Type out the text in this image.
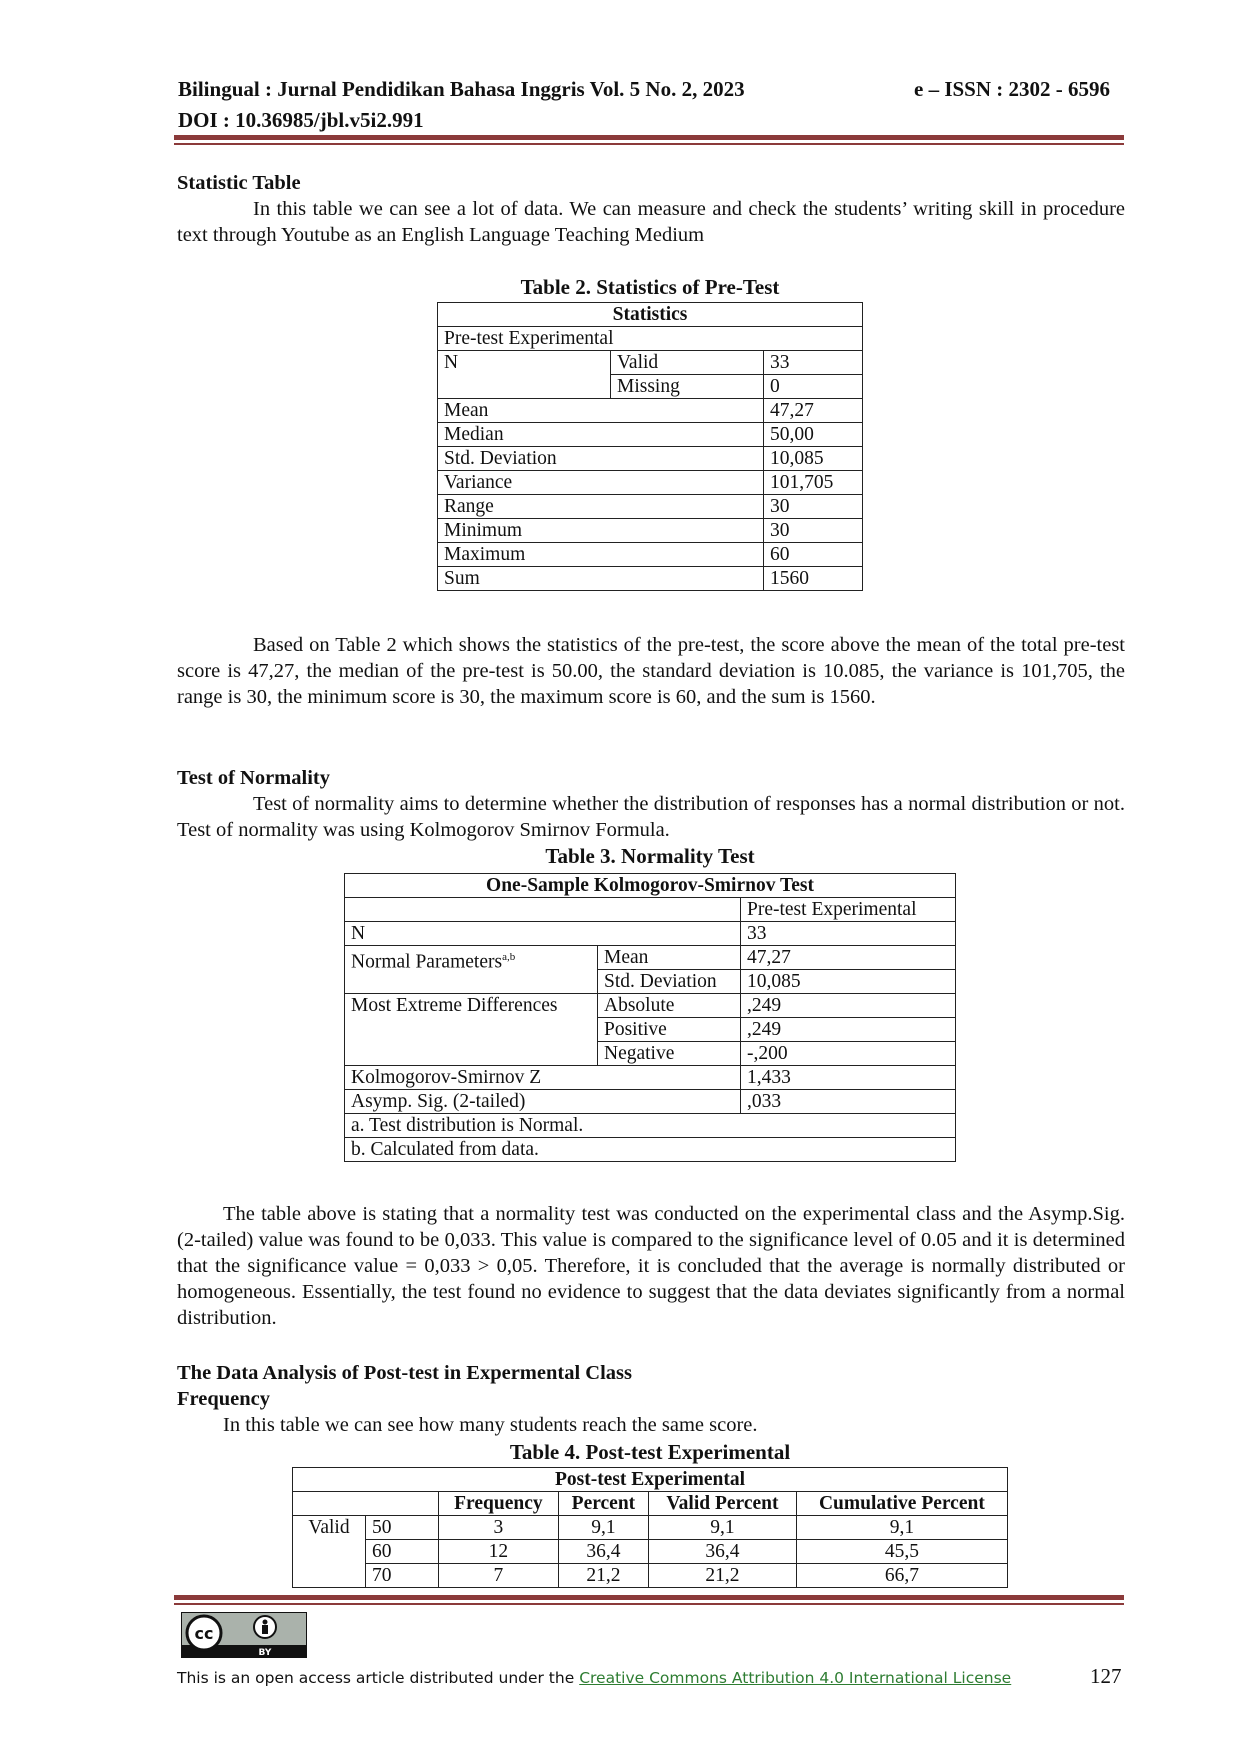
Bilingual : Jurnal Pendidikan Bahasa Inggris Vol. 5 No. 2, 2023	e – ISSN : 2302 - 6596
DOI : 10.36985/jbl.v5i2.991
Statistic Table
In this table we can see a lot of data. We can measure and check the students’ writing skill in procedure text through Youtube as an English Language Teaching Medium
Table 2. Statistics of Pre-Test
Statistics		
Pre-test Experimental		
N	Valid	33
	Missing	0
Mean		47,27
Median		50,00
Std. Deviation		10,085
Variance		101,705
Range		30
Minimum		30
Maximum		60
Sum		1560
Based on Table 2 which shows the statistics of the pre-test, the score above the mean of the total pre-test score is 47,27, the median of the pre-test is 50.00, the standard deviation is 10.085, the variance is 101,705, the range is 30, the minimum score is 30, the maximum score is 60, and the sum is 1560.
Test of Normality
Test of normality aims to determine whether the distribution of responses has a normal distribution or not. Test of normality was using Kolmogorov Smirnov Formula.
Table 3. Normality Test
One-Sample Kolmogorov-Smirnov Test		
		Pre-test Experimental
N		33
Normal Parameters$^{a,b}$	Mean	47,27
	Std. Deviation	10,085
Most Extreme Differences	Absolute	,249
	Positive	,249
	Negative	-,200
Kolmogorov-Smirnov Z		1,433
Asymp. Sig. (2-tailed)		,033
a. Test distribution is Normal.		
b. Calculated from data.		
The table above is stating that a normality test was conducted on the experimental class and the Asymp.Sig.(2-tailed) value was found to be 0,033. This value is compared to the significance level of 0.05 and it is determined that the significance value = 0,033 > 0,05. Therefore, it is concluded that the average is normally distributed or homogeneous. Essentially, the test found no evidence to suggest that the data deviates significantly from a normal distribution.
The Data Analysis of Post-test in Expermental Class
Frequency
In this table we can see how many students reach the same score.
Table 4. Post-test Experimental
Post-test Experimental					
		Frequency	Percent	Valid Percent	Cumulative Percent
Valid	50	3	9,1	9,1	9,1
	60	12	36,4	36,4	45,5
	70	7	21,2	21,2	66,7
cc
BY
This is an open access article distributed under the Creative Commons Attribution 4.0 International License	127
